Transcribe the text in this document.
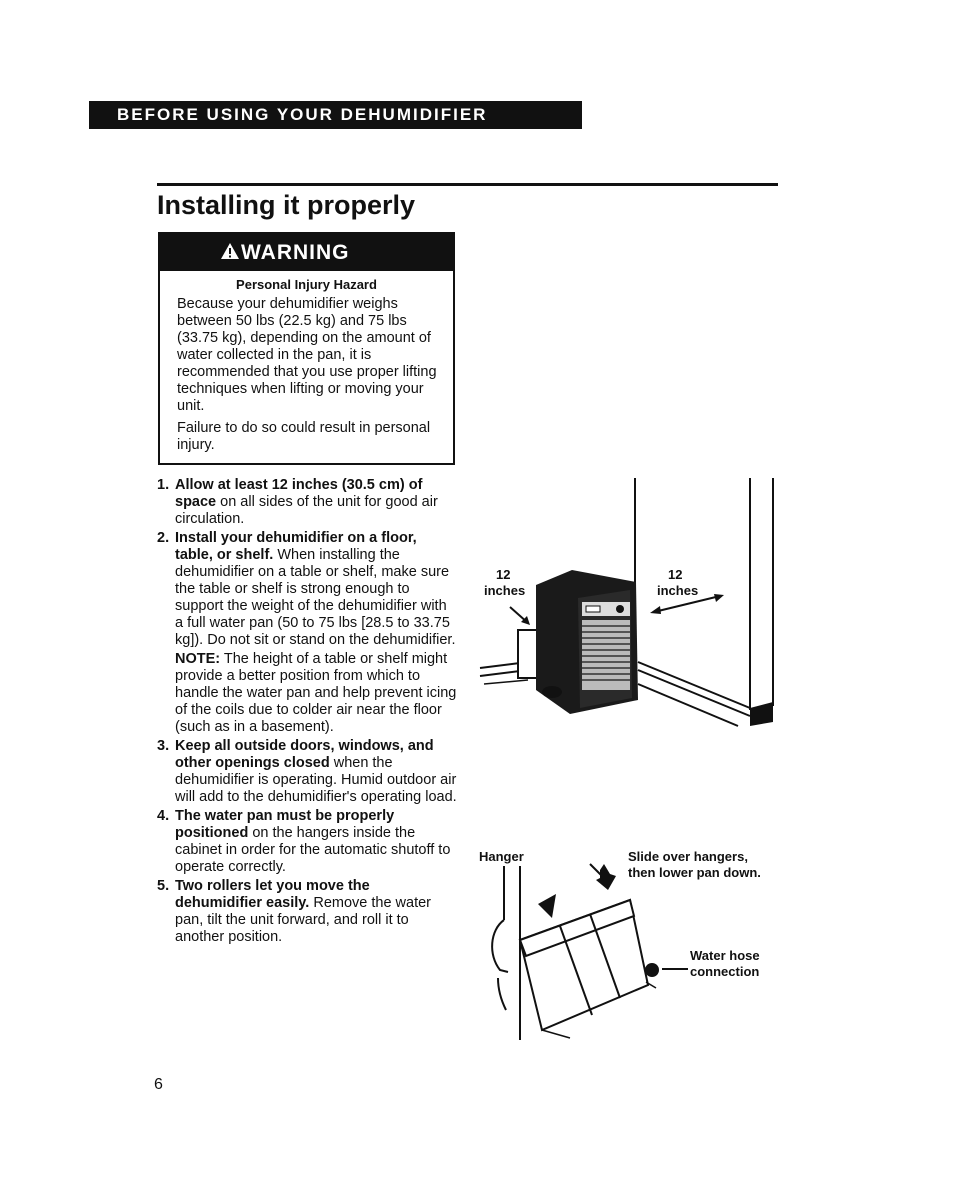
BEFORE USING YOUR DEHUMIDIFIER
Installing it properly
WARNING
Personal Injury Hazard

Because your dehumidifier weighs between 50 lbs (22.5 kg) and 75 lbs (33.75 kg), depending on the amount of water collected in the pan, it is recommended that you use proper lifting techniques when lifting or moving your unit.

Failure to do so could result in personal injury.

1. Allow at least 12 inches (30.5 cm) of space on all sides of the unit for good air circulation.
2. Install your dehumidifier on a floor, table, or shelf. When installing the dehumidifier on a table or shelf, make sure the table or shelf is strong enough to support the weight of the dehumidifier with a full water pan (50 to 75 lbs [28.5 to 33.75 kg]). Do not sit or stand on the dehumidifier.
NOTE: The height of a table or shelf might provide a better position from which to handle the water pan and help prevent icing of the coils due to colder air near the floor (such as in a basement).
3. Keep all outside doors, windows, and other openings closed when the dehumidifier is operating. Humid outdoor air will add to the dehumidifier's operating load.
4. The water pan must be properly positioned on the hangers inside the cabinet in order for the automatic shutoff to operate correctly.
5. Two rollers let you move the dehumidifier easily. Remove the water pan, tilt the unit forward, and roll it to another position.
12
inches
12
inches
Hanger	Slide over hangers,
then lower pan down.
Water hose
connection
6
